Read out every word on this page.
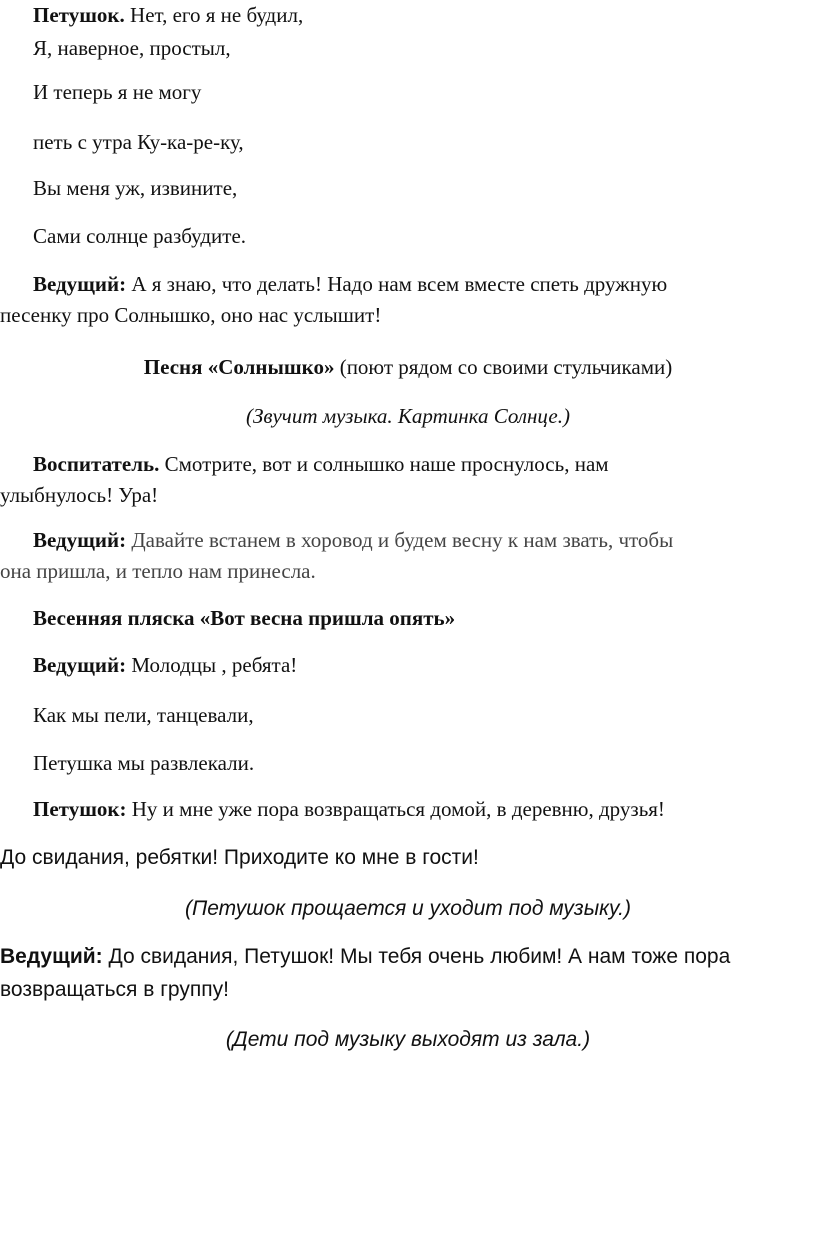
Петушок. Нет, его я не будил,
Я, наверное, простыл,
И теперь я не могу
петь с утра Ку-ка-ре-ку,
Вы меня уж, извините,
Сами солнце разбудите.
Ведущий: А я знаю, что делать! Надо нам всем вместе спеть дружную
песенку про Солнышко, оно нас услышит!
Песня «Солнышко» (поют рядом со своими стульчиками)
(Звучит музыка. Картинка Солнце.)
Воспитатель. Смотрите, вот и солнышко наше проснулось, нам
улыбнулось! Ура!
Ведущий: Давайте встанем в хоровод и будем весну к нам звать, чтобы
она пришла, и тепло нам принесла.
Весенняя пляска «Вот весна пришла опять»
Ведущий: Молодцы , ребята!
Как мы пели, танцевали,
Петушка мы развлекали.
Петушок: Ну и мне уже пора возвращаться домой, в деревню, друзья!
До свидания, ребятки! Приходите ко мне в гости!
(Петушок прощается и уходит под музыку.)
Ведущий: До свидания, Петушок! Мы тебя очень любим! А нам тоже пора
возвращаться в группу!
(Дети под музыку выходят из зала.)
